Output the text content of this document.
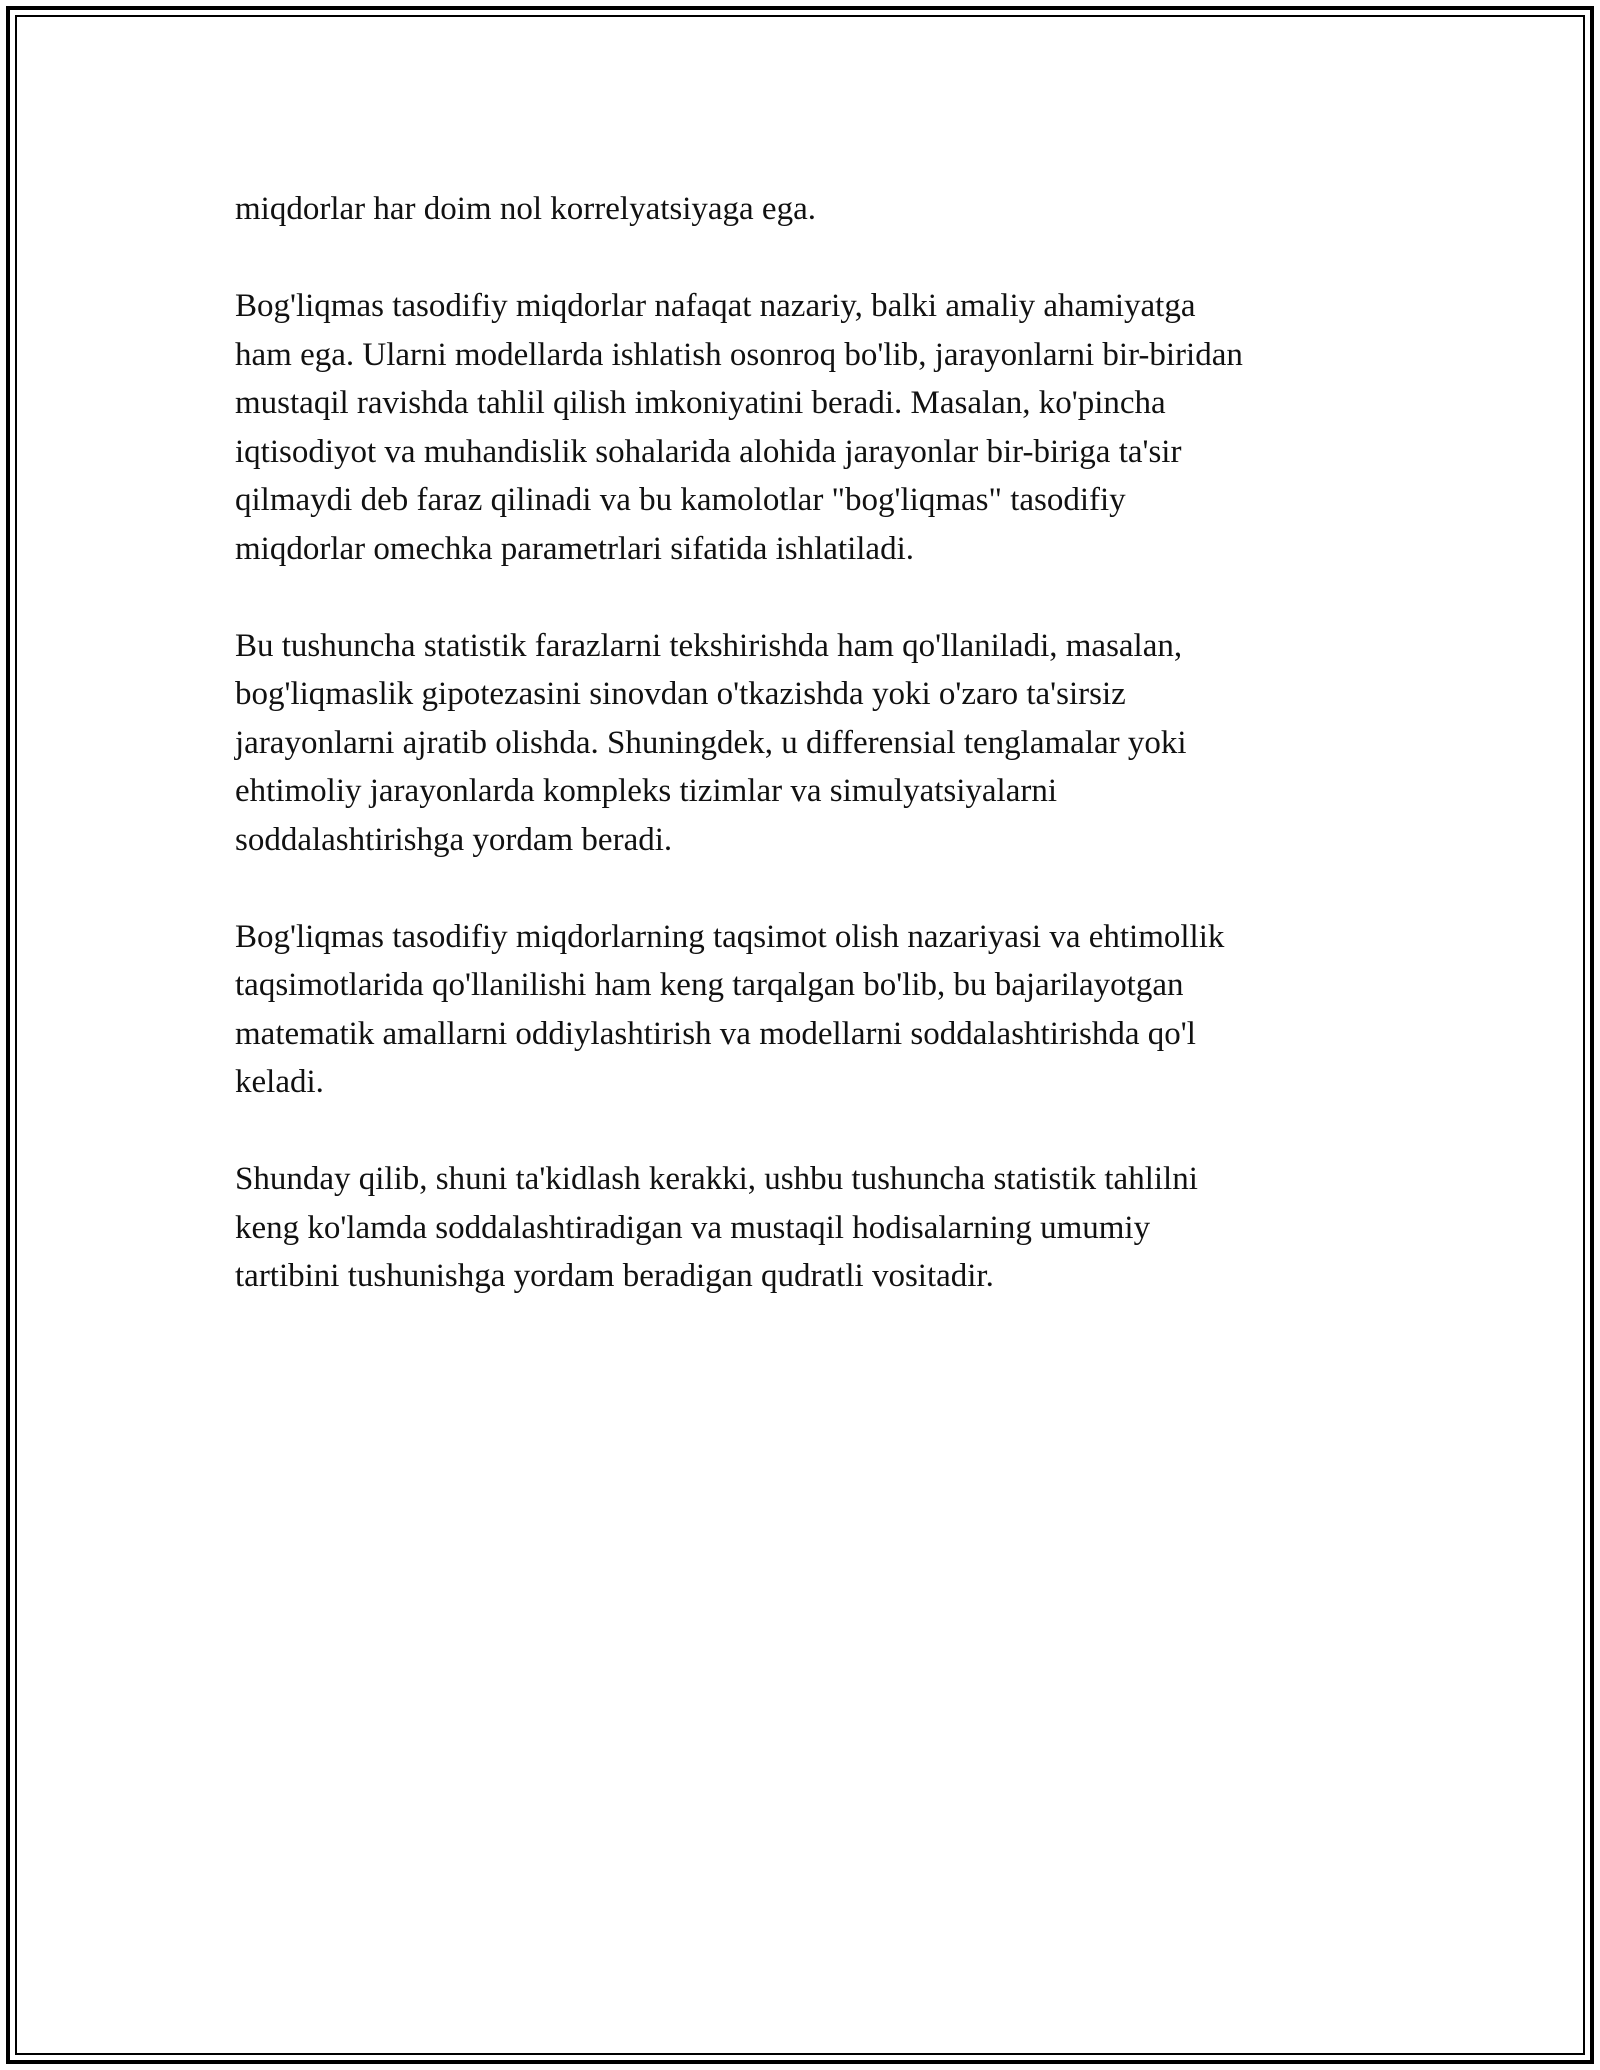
miqdorlar har doim nol korrelyatsiyaga ega.

Bog'liqmas tasodifiy miqdorlar nafaqat nazariy, balki amaliy ahamiyatga
ham ega. Ularni modellarda ishlatish osonroq bo'lib, jarayonlarni bir-biridan
mustaqil ravishda tahlil qilish imkoniyatini beradi. Masalan, ko'pincha
iqtisodiyot va muhandislik sohalarida alohida jarayonlar bir-biriga ta'sir
qilmaydi deb faraz qilinadi va bu kamolotlar "bog'liqmas" tasodifiy
miqdorlar omechka parametrlari sifatida ishlatiladi.

Bu tushuncha statistik farazlarni tekshirishda ham qo'llaniladi, masalan,
bog'liqmaslik gipotezasini sinovdan o'tkazishda yoki o'zaro ta'sirsiz
jarayonlarni ajratib olishda. Shuningdek, u differensial tenglamalar yoki
ehtimoliy jarayonlarda kompleks tizimlar va simulyatsiyalarni
soddalashtirishga yordam beradi.

Bog'liqmas tasodifiy miqdorlarning taqsimot olish nazariyasi va ehtimollik
taqsimotlarida qo'llanilishi ham keng tarqalgan bo'lib, bu bajarilayotgan
matematik amallarni oddiylashtirish va modellarni soddalashtirishda qo'l
keladi.

Shunday qilib, shuni ta'kidlash kerakki, ushbu tushuncha statistik tahlilni
keng ko'lamda soddalashtiradigan va mustaqil hodisalarning umumiy
tartibini tushunishga yordam beradigan qudratli vositadir.
